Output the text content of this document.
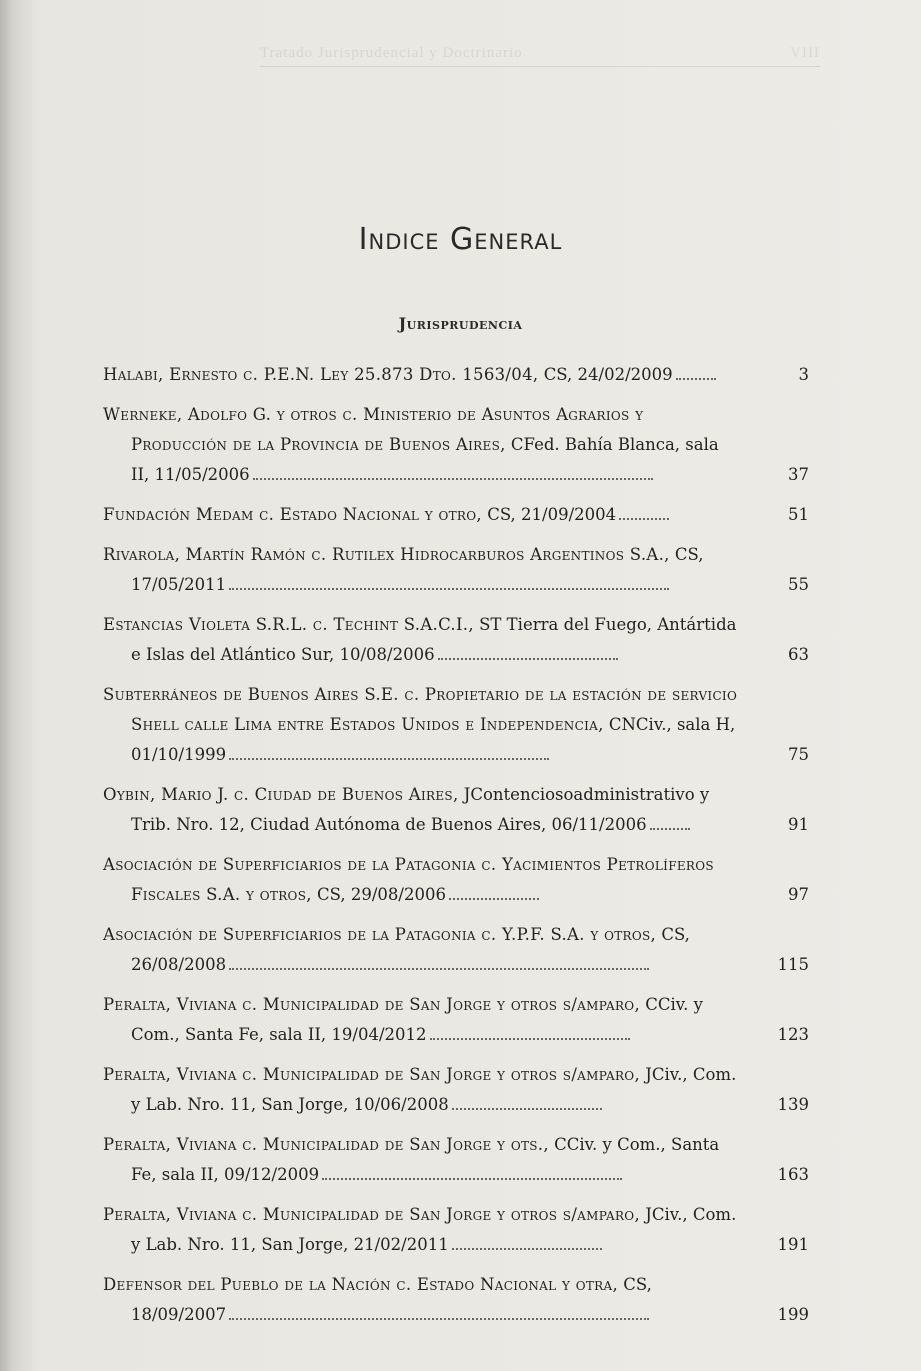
Tratado Jurisprudencial y Doctrinario	VIII
Indice General
Jurisprudencia
Halabi, Ernesto c. P.E.N. Ley 25.873 Dto. 1563/04, CS, 24/02/2009	3
Werneke, Adolfo G. y otros c. Ministerio de Asuntos Agrarios y Producción de la Provincia de Buenos Aires, CFed. Bahía Blanca, sala II, 11/05/2006	37
Fundación Medam c. Estado Nacional y otro, CS, 21/09/2004	51
Rivarola, Martín Ramón c. Rutilex Hidrocarburos Argentinos S.A., CS, 17/05/2011	55
Estancias Violeta S.R.L. c. Techint S.A.C.I., ST Tierra del Fuego, Antártida e Islas del Atlántico Sur, 10/08/2006	63
Subterráneos de Buenos Aires S.E. c. Propietario de la estación de servicio Shell calle Lima entre Estados Unidos e Independencia, CNCiv., sala H, 01/10/1999	75
Oybin, Mario J. c. Ciudad de Buenos Aires, JContenciosoadministrativo y Trib. Nro. 12, Ciudad Autónoma de Buenos Aires, 06/11/2006	91
Asociación de Superficiarios de la Patagonia c. Yacimientos Petrolíferos Fiscales S.A. y otros, CS, 29/08/2006	97
Asociación de Superficiarios de la Patagonia c. Y.P.F. S.A. y otros, CS, 26/08/2008	115
Peralta, Viviana c. Municipalidad de San Jorge y otros s/amparo, CCiv. y Com., Santa Fe, sala II, 19/04/2012	123
Peralta, Viviana c. Municipalidad de San Jorge y otros s/amparo, JCiv., Com. y Lab. Nro. 11, San Jorge, 10/06/2008	139
Peralta, Viviana c. Municipalidad de San Jorge y ots., CCiv. y Com., Santa Fe, sala II, 09/12/2009	163
Peralta, Viviana c. Municipalidad de San Jorge y otros s/amparo, JCiv., Com. y Lab. Nro. 11, San Jorge, 21/02/2011	191
Defensor del Pueblo de la Nación c. Estado Nacional y otra, CS, 18/09/2007	199
